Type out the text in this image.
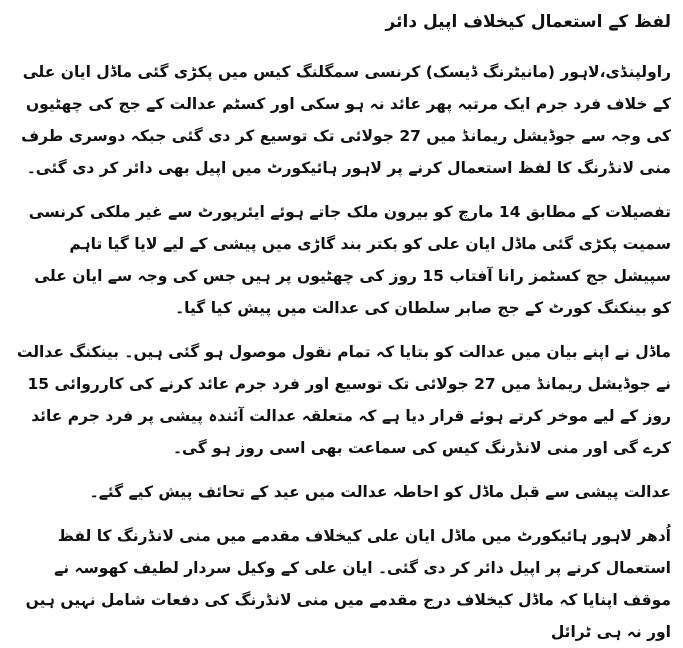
لفظ کے استعمال کیخلاف اپیل دائر

راولپنڈی،لاہور (مانیٹرنگ ڈیسک) کرنسی سمگلنگ کیس میں پکڑی گئی ماڈل ایان علی کے خلاف فرد جرم ایک مرتبہ پھر عائد نہ ہو سکی اور کسٹم عدالت کے جج کی چھٹیوں کی وجہ سے جوڈیشل ریمانڈ میں 27 جولائی تک توسیع کر دی گئی جبکہ دوسری طرف منی لانڈرنگ کا لفظ استعمال کرنے پر لاہور ہائیکورٹ میں اپیل بھی دائر کر دی گئی۔

تفصیلات کے مطابق 14 مارچ کو بیرون ملک جاتے ہوئے ایئرپورٹ سے غیر ملکی کرنسی سمیت پکڑی گئی ماڈل ایان علی کو بکتر بند گاڑی میں پیشی کے لیے لایا گیا تاہم سپیشل جج کسٹمز رانا آفتاب 15 روز کی چھٹیوں پر ہیں جس کی وجہ سے ایان علی کو بینکنگ کورٹ کے جج صابر سلطان کی عدالت میں پیش کیا گیا۔

ماڈل نے اپنے بیان میں عدالت کو بتایا کہ تمام نقول موصول ہو گئی ہیں۔ بینکنگ عدالت نے جوڈیشل ریمانڈ میں 27 جولائی تک توسیع اور فرد جرم عائد کرنے کی کارروائی 15 روز کے لیے موخر کرتے ہوئے قرار دیا ہے کہ متعلقہ عدالت آئندہ پیشی پر فرد جرم عائد کرے گی اور منی لانڈرنگ کیس کی سماعت بھی اسی روز ہو گی۔

عدالت پیشی سے قبل ماڈل کو احاطہ عدالت میں عید کے تحائف پیش کیے گئے۔

اُدھر لاہور ہائیکورٹ میں ماڈل ایان علی کیخلاف مقدمے میں منی لانڈرنگ کا لفظ استعمال کرنے پر اپیل دائر کر دی گئی۔ ایان علی کے وکیل سردار لطیف کھوسہ نے موقف اپنایا کہ ماڈل کیخلاف درج مقدمے میں منی لانڈرنگ کی دفعات شامل نہیں ہیں اور نہ ہی ٹرائل
